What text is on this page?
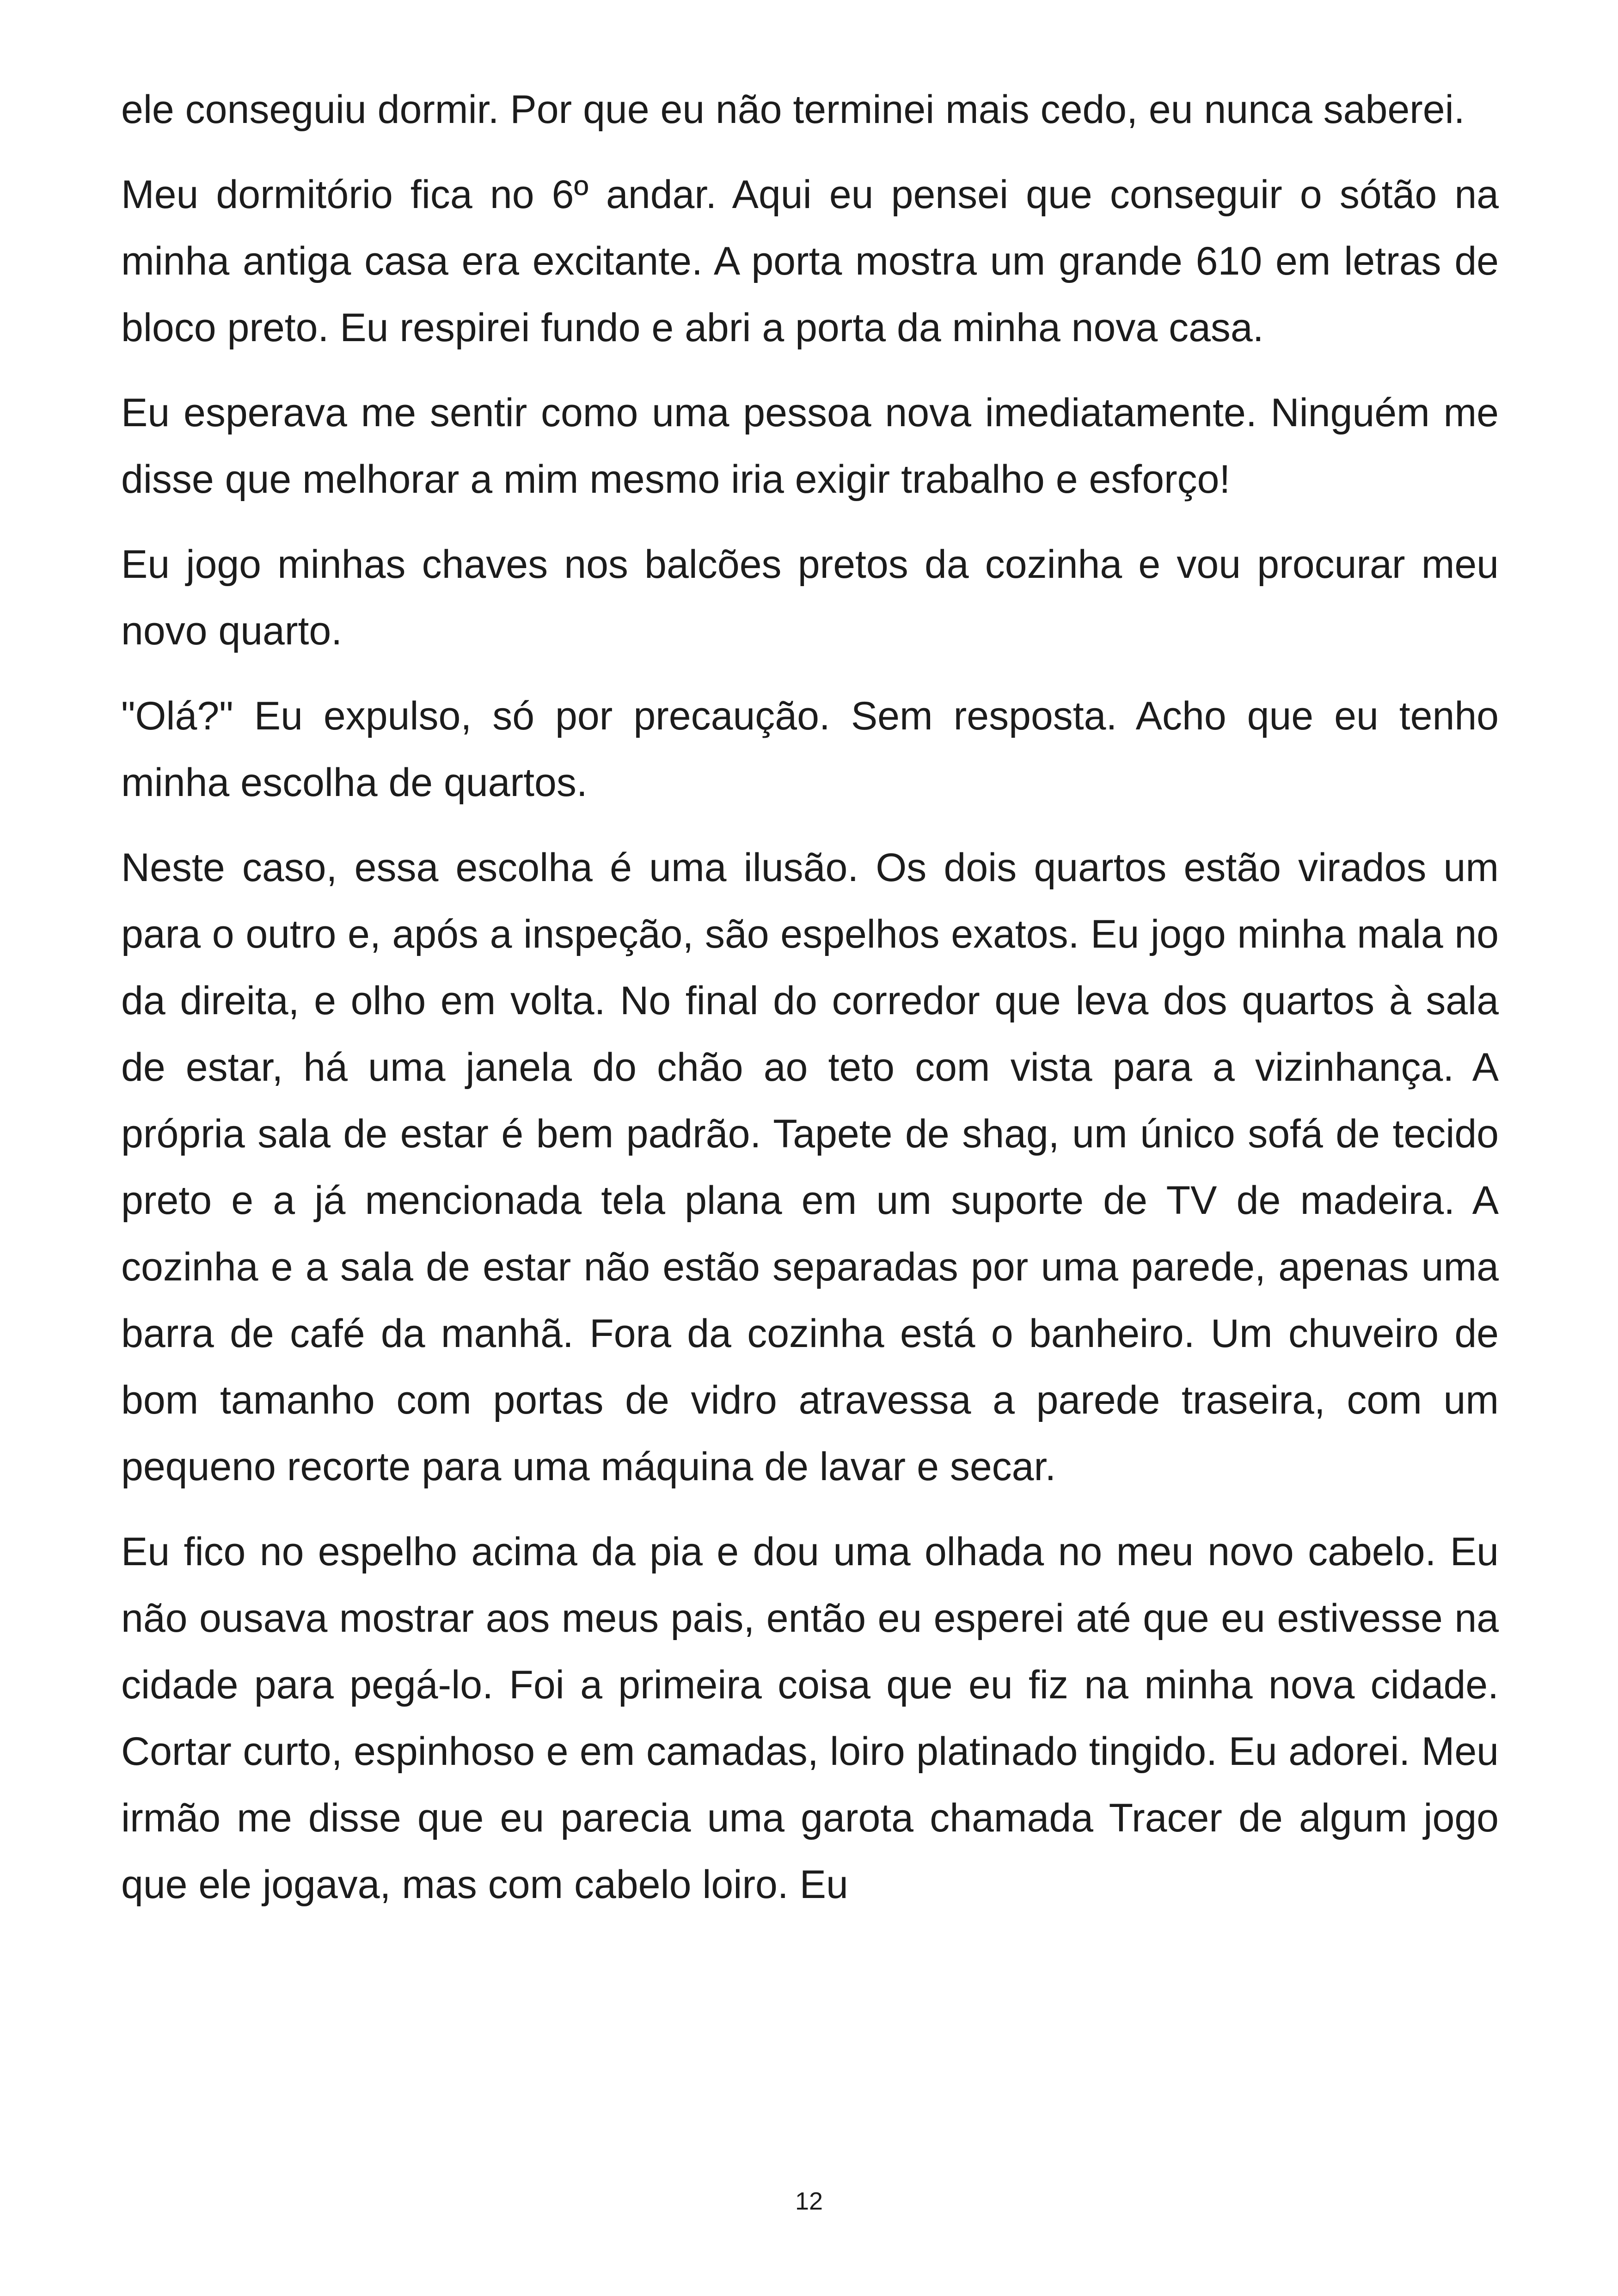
ele conseguiu dormir. Por que eu não terminei mais cedo, eu nunca saberei.

Meu dormitório fica no 6º andar. Aqui eu pensei que conseguir o sótão na minha antiga casa era excitante. A porta mostra um grande 610 em letras de bloco preto. Eu respirei fundo e abri a porta da minha nova casa.

Eu esperava me sentir como uma pessoa nova imediatamente. Ninguém me disse que melhorar a mim mesmo iria exigir trabalho e esforço!

Eu jogo minhas chaves nos balcões pretos da cozinha e vou procurar meu novo quarto.

"Olá?" Eu expulso, só por precaução. Sem resposta. Acho que eu tenho minha escolha de quartos.

Neste caso, essa escolha é uma ilusão. Os dois quartos estão virados um para o outro e, após a inspeção, são espelhos exatos. Eu jogo minha mala no da direita, e olho em volta. No final do corredor que leva dos quartos à sala de estar, há uma janela do chão ao teto com vista para a vizinhança. A própria sala de estar é bem padrão. Tapete de shag, um único sofá de tecido preto e a já mencionada tela plana em um suporte de TV de madeira. A cozinha e a sala de estar não estão separadas por uma parede, apenas uma barra de café da manhã. Fora da cozinha está o banheiro. Um chuveiro de bom tamanho com portas de vidro atravessa a parede traseira, com um pequeno recorte para uma máquina de lavar e secar.

Eu fico no espelho acima da pia e dou uma olhada no meu novo cabelo. Eu não ousava mostrar aos meus pais, então eu esperei até que eu estivesse na cidade para pegá-lo. Foi a primeira coisa que eu fiz na minha nova cidade. Cortar curto, espinhoso e em camadas, loiro platinado tingido. Eu adorei. Meu irmão me disse que eu parecia uma garota chamada Tracer de algum jogo que ele jogava, mas com cabelo loiro. Eu

12
